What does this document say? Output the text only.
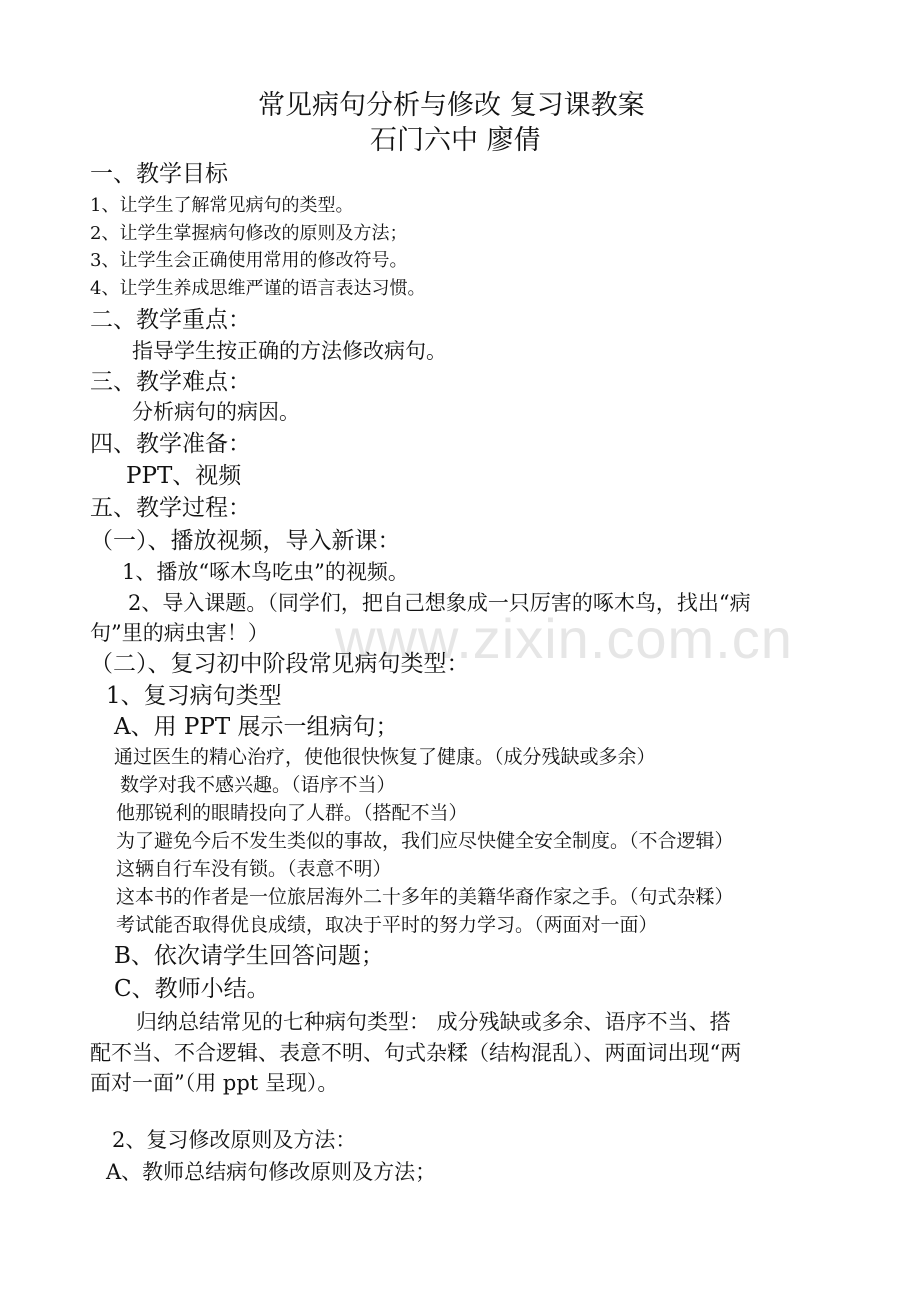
www.zixin.com.cn
常见病句分析与修改 复习课教案
石门六中 廖倩
一、教学目标
1、让学生了解常见病句的类型。
2、让学生掌握病句修改的原则及方法；
3、让学生会正确使用常用的修改符号。
4、让学生养成思维严谨的语言表达习惯。
二、教学重点：
指导学生按正确的方法修改病句。
三、教学难点：
分析病句的病因。
四、教学准备：
PPT、视频
五、教学过程：
（一）、播放视频，导入新课：
1、播放“啄木鸟吃虫”的视频。
2、导入课题。（同学们，把自己想象成一只厉害的啄木鸟，找出“病
句”里的病虫害！）
（二）、复习初中阶段常见病句类型：
1、复习病句类型
A、用 PPT 展示一组病句；
通过医生的精心治疗，使他很快恢复了健康。（成分残缺或多余）
数学对我不感兴趣。（语序不当）
他那锐利的眼睛投向了人群。（搭配不当）
为了避免今后不发生类似的事故，我们应尽快健全安全制度。（不合逻辑）
这辆自行车没有锁。（表意不明）
这本书的作者是一位旅居海外二十多年的美籍华裔作家之手。（句式杂糅）
考试能否取得优良成绩，取决于平时的努力学习。（两面对一面）
B、依次请学生回答问题；
C、教师小结。
归纳总结常见的七种病句类型： 成分残缺或多余、语序不当、搭
配不当、不合逻辑、表意不明、句式杂糅（结构混乱）、两面词出现“两
面对一面”（用 ppt 呈现）。
2、复习修改原则及方法：
A、教师总结病句修改原则及方法；
